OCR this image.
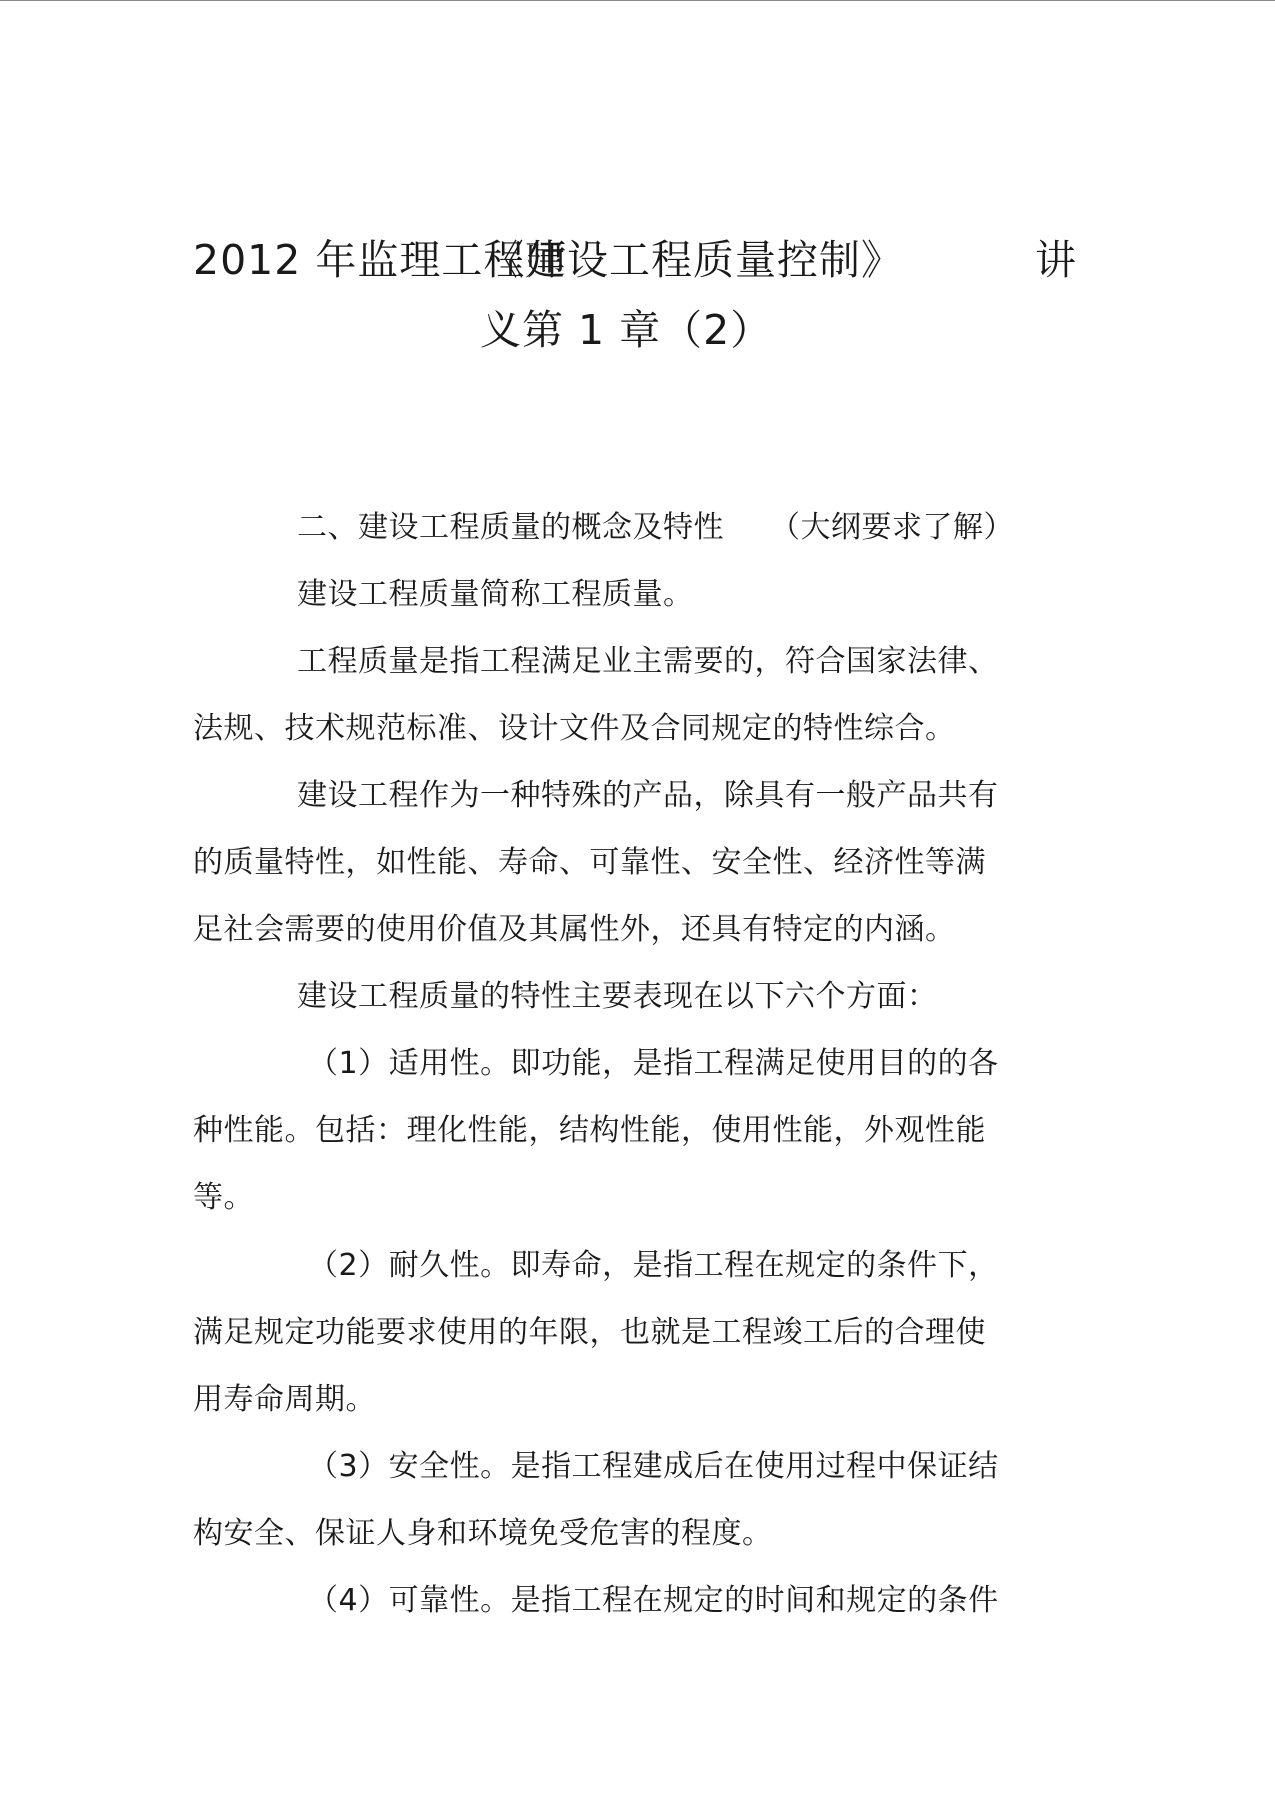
2012 年监理工程师
《建设工程质量控制》	讲
义第 1 章（2）
二、建设工程质量的概念及特性　　（大纲要求了解）
建设工程质量简称工程质量。
工程质量是指工程满足业主需要的，符合国家法律、
法规、技术规范标准、设计文件及合同规定的特性综合。
建设工程作为一种特殊的产品，除具有一般产品共有
的质量特性，如性能、寿命、可靠性、安全性、经济性等满
足社会需要的使用价值及其属性外，还具有特定的内涵。
建设工程质量的特性主要表现在以下六个方面：
（1）适用性。即功能，是指工程满足使用目的的各
种性能。包括：理化性能，结构性能，使用性能，外观性能
等。
（2）耐久性。即寿命，是指工程在规定的条件下，
满足规定功能要求使用的年限，也就是工程竣工后的合理使
用寿命周期。
（3）安全性。是指工程建成后在使用过程中保证结
构安全、保证人身和环境免受危害的程度。
（4）可靠性。是指工程在规定的时间和规定的条件
